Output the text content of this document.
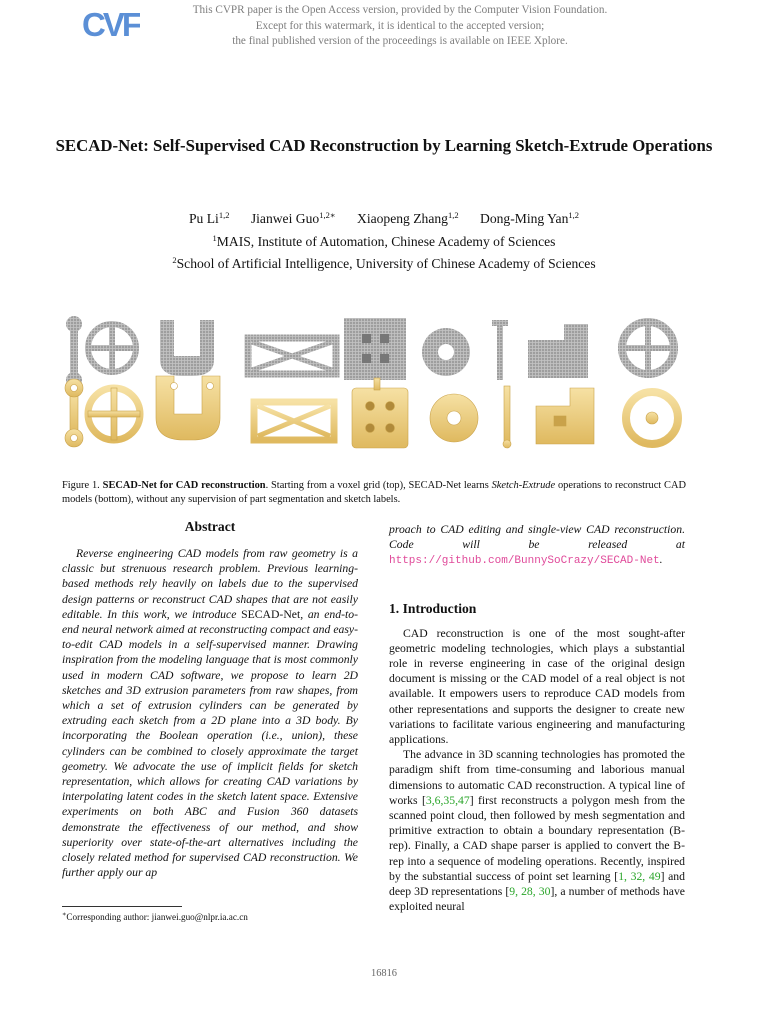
This CVPR paper is the Open Access version, provided by the Computer Vision Foundation.
Except for this watermark, it is identical to the accepted version;
the final published version of the proceedings is available on IEEE Xplore.
CVF
SECAD-Net: Self-Supervised CAD Reconstruction by Learning Sketch-Extrude Operations
Pu Li$^{1,2}$ Jianwei Guo$^{1,2∗}$ Xiaopeng Zhang$^{1,2}$ Dong-Ming Yan$^{1,2}$
$^1$MAIS, Institute of Automation, Chinese Academy of Sciences
$^2$School of Artificial Intelligence, University of Chinese Academy of Sciences
Figure 1. SECAD-Net for CAD reconstruction. Starting from a voxel grid (top), SECAD-Net learns Sketch-Extrude operations to reconstruct CAD models (bottom), without any supervision of part segmentation and sketch labels.
Abstract

Reverse engineering CAD models from raw geometry is a classic but strenuous research problem. Previous learning-based methods rely heavily on labels due to the supervised design patterns or reconstruct CAD shapes that are not easily editable. In this work, we introduce SECAD-Net, an end-to-end neural network aimed at reconstructing compact and easy-to-edit CAD models in a self-supervised manner. Drawing inspiration from the modeling language that is most commonly used in modern CAD software, we propose to learn 2D sketches and 3D extrusion parameters from raw shapes, from which a set of extrusion cylinders can be generated by extruding each sketch from a 2D plane into a 3D body. By incorporating the Boolean operation (i.e., union), these cylinders can be combined to closely approximate the target geometry. We advocate the use of implicit fields for sketch representation, which allows for creating CAD variations by interpolating latent codes in the sketch latent space. Extensive experiments on both ABC and Fusion 360 datasets demonstrate the effectiveness of our method, and show superiority over state-of-the-art alternatives including the closely related method for supervised CAD reconstruction. We further apply our ap

proach to CAD editing and single-view CAD reconstruction. Code will be released at https://github.com/BunnySoCrazy/SECAD-Net.

1. Introduction

CAD reconstruction is one of the most sought-after geometric modeling technologies, which plays a substantial role in reverse engineering in case of the original design document is missing or the CAD model of a real object is not available. It empowers users to reproduce CAD models from other representations and supports the designer to create new variations to facilitate various engineering and manufacturing applications.

The advance in 3D scanning technologies has promoted the paradigm shift from time-consuming and laborious manual dimensions to automatic CAD reconstruction. A typical line of works [3,6,35,47] first reconstructs a polygon mesh from the scanned point cloud, then followed by mesh segmentation and primitive extraction to obtain a boundary representation (B-rep). Finally, a CAD shape parser is applied to convert the B-rep into a sequence of modeling operations. Recently, inspired by the substantial success of point set learning [1, 32, 49] and deep 3D representations [9, 28, 30], a number of methods have exploited neural

∗Corresponding author: jianwei.guo@nlpr.ia.ac.cn
16816
